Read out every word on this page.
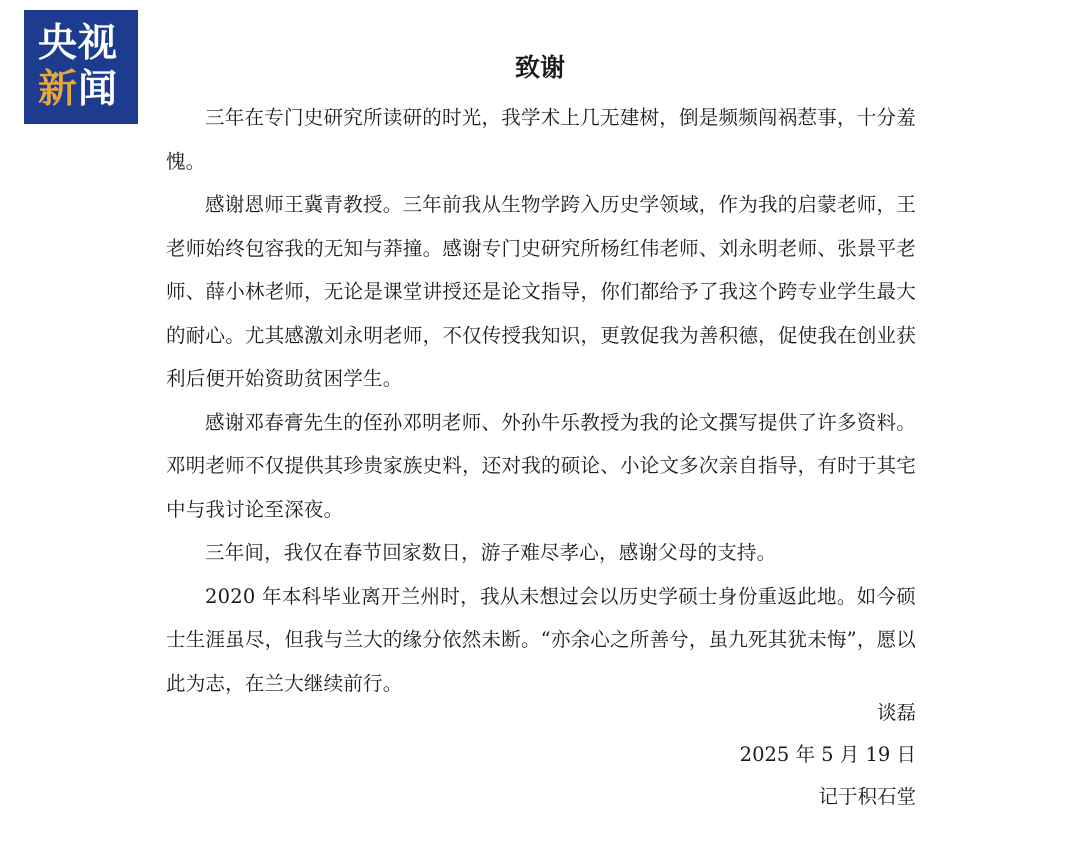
央视
新闻	致谢

三年在专门史研究所读研的时光，我学术上几无建树，倒是频频闯祸惹事，十分羞愧。

感谢恩师王冀青教授。三年前我从生物学跨入历史学领域，作为我的启蒙老师，王老师始终包容我的无知与莽撞。感谢专门史研究所杨红伟老师、刘永明老师、张景平老师、薛小林老师，无论是课堂讲授还是论文指导，你们都给予了我这个跨专业学生最大的耐心。尤其感激刘永明老师，不仅传授我知识，更敦促我为善积德，促使我在创业获利后便开始资助贫困学生。

感谢邓春膏先生的侄孙邓明老师、外孙牛乐教授为我的论文撰写提供了许多资料。邓明老师不仅提供其珍贵家族史料，还对我的硕论、小论文多次亲自指导，有时于其宅中与我讨论至深夜。

三年间，我仅在春节回家数日，游子难尽孝心，感谢父母的支持。

2020 年本科毕业离开兰州时，我从未想过会以历史学硕士身份重返此地。如今硕士生涯虽尽，但我与兰大的缘分依然未断。“亦余心之所善兮，虽九死其犹未悔”，愿以此为志，在兰大继续前行。

谈磊
2025 年 5 月 19 日
记于积石堂
